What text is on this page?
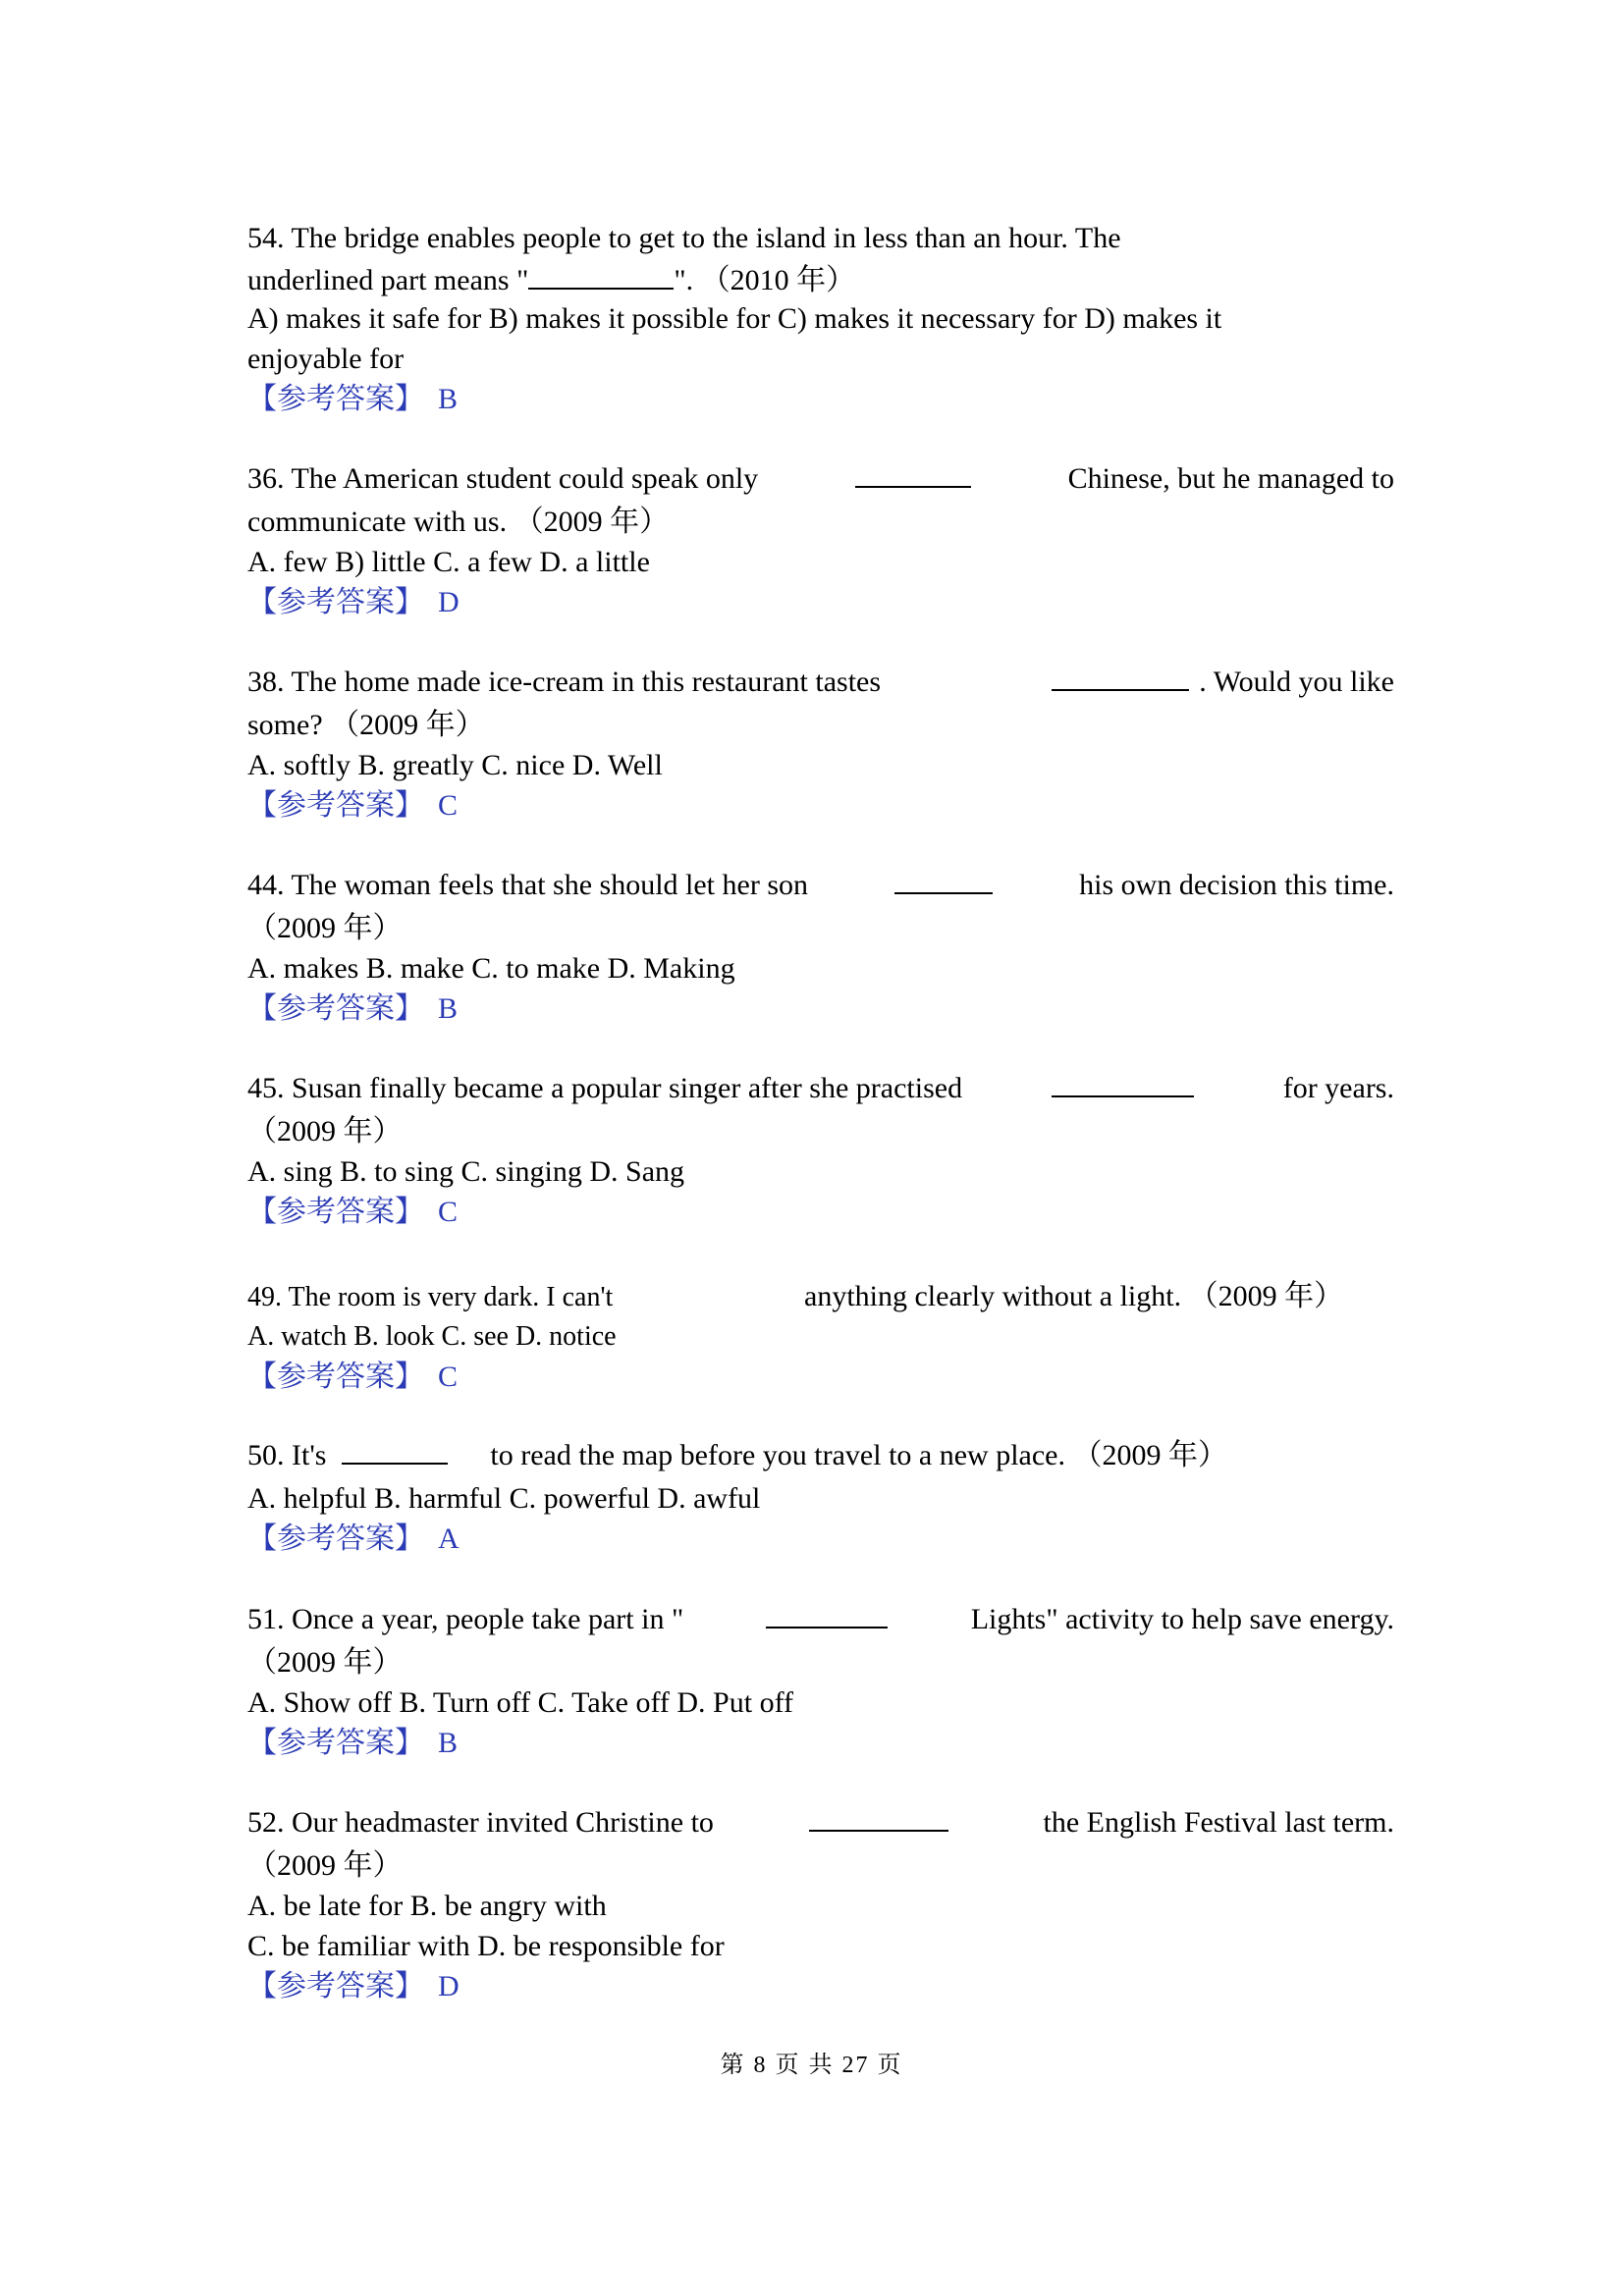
54. The bridge enables people to get to the island in less than an hour. The
underlined part means "	". （2010 年）
A) makes it safe for B) makes it possible for C) makes it necessary for D) makes it
enjoyable for
【参考答案】 B
36. The American student could speak only	Chinese, but he managed to
communicate with us. （2009 年）
A. few B) little C. a few D. a little
【参考答案】 D
38. The home made ice-cream in this restaurant tastes	. Would you like
some? （2009 年）
A. softly B. greatly C. nice D. Well
【参考答案】 C
44. The woman feels that she should let her son	his own decision this time.
（2009 年）
A. makes B. make C. to make D. Making
【参考答案】 B
45. Susan finally became a popular singer after she practised	for years.
（2009 年）
A. sing B. to sing C. singing D. Sang
【参考答案】 C
49. The room is very dark. I can't	anything clearly without a light. （2009 年）
A. watch B. look C. see D. notice
【参考答案】 C
50. It's	to read the map before you travel to a new place. （2009 年）
A. helpful B. harmful C. powerful D. awful
【参考答案】 A
51. Once a year, people take part in "	Lights" activity to help save energy.
（2009 年）
A. Show off B. Turn off C. Take off D. Put off
【参考答案】 B
52. Our headmaster invited Christine to	the English Festival last term.
（2009 年）
A. be late for B. be angry with
C. be familiar with D. be responsible for
【参考答案】 D
第 8 页 共 27 页
